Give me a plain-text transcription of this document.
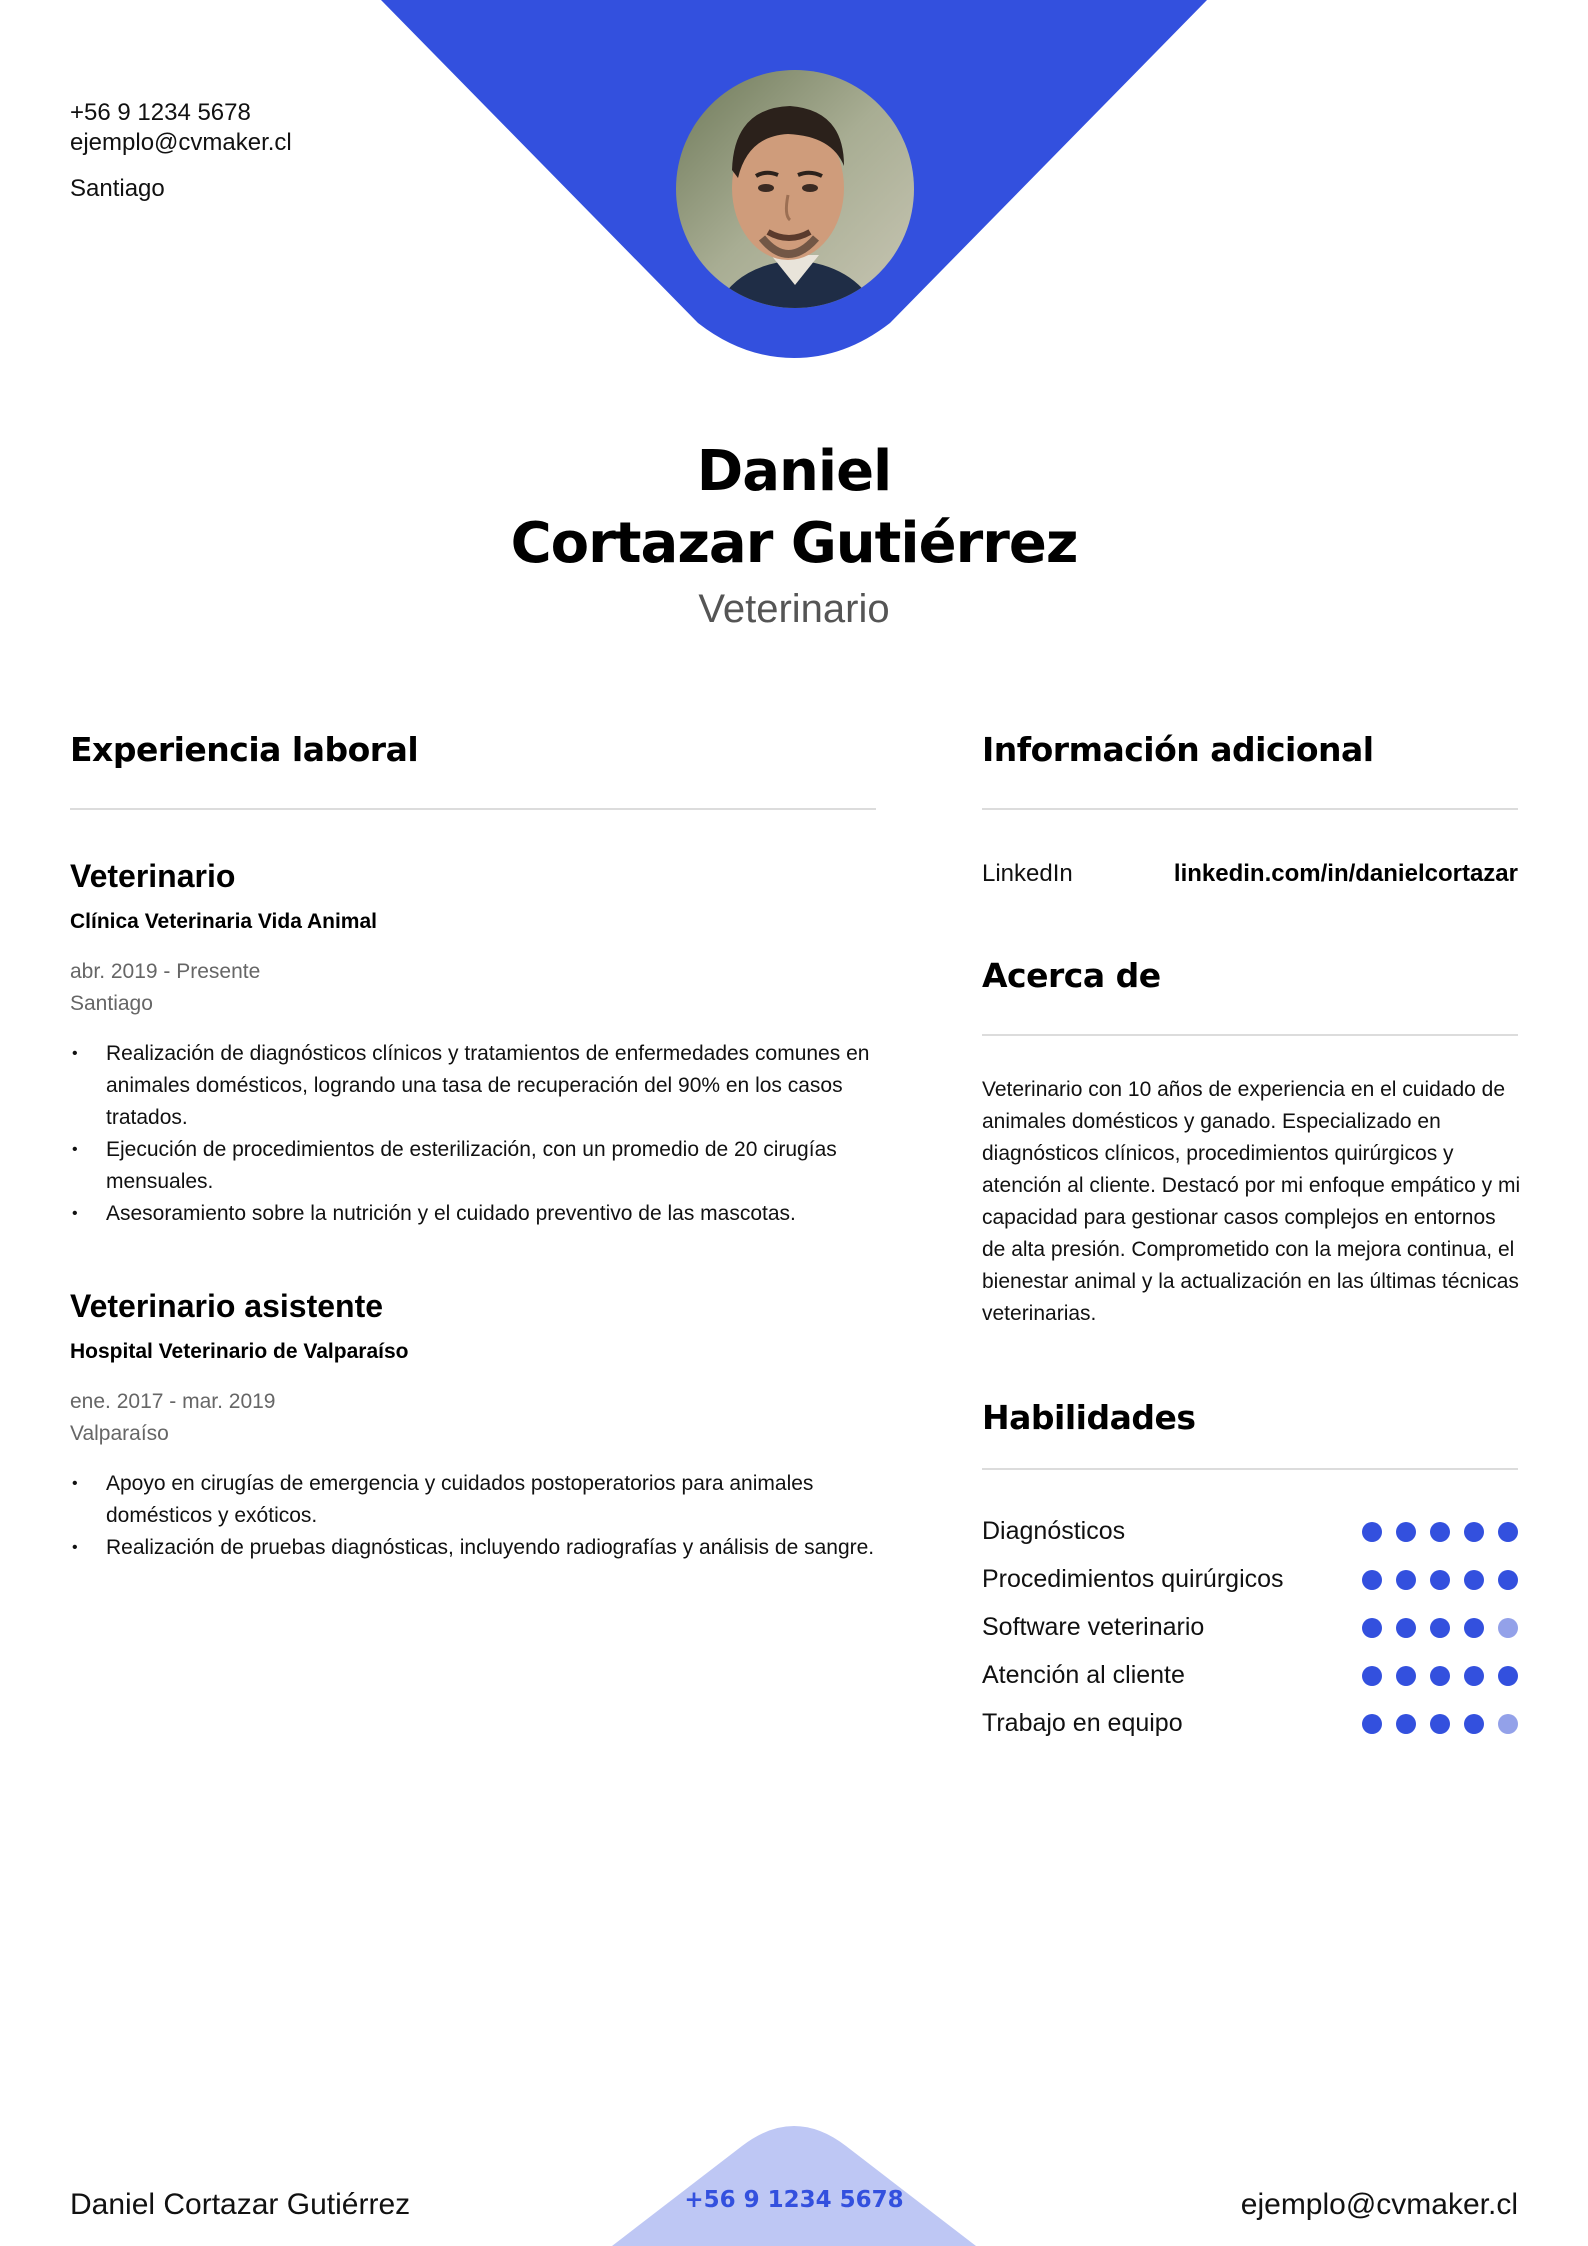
+56 9 1234 5678
ejemplo@cvmaker.cl
Santiago
Daniel
Cortazar Gutiérrez
Veterinario
Experiencia laboral
Veterinario
Clínica Veterinaria Vida Animal
abr. 2019 - Presente
Santiago
• Realización de diagnósticos clínicos y tratamientos de enfermedades comunes en animales domésticos, logrando una tasa de recuperación del 90% en los casos tratados.
• Ejecución de procedimientos de esterilización, con un promedio de 20 cirugías mensuales.
• Asesoramiento sobre la nutrición y el cuidado preventivo de las mascotas.
Veterinario asistente
Hospital Veterinario de Valparaíso
ene. 2017 - mar. 2019
Valparaíso
• Apoyo en cirugías de emergencia y cuidados postoperatorios para animales domésticos y exóticos.
• Realización de pruebas diagnósticas, incluyendo radiografías y análisis de sangre.
Información adicional
LinkedIn	linkedin.com/in/danielcortazar
Acerca de
Veterinario con 10 años de experiencia en el cuidado de animales domésticos y ganado. Especializado en diagnósticos clínicos, procedimientos quirúrgicos y atención al cliente. Destacó por mi enfoque empático y mi capacidad para gestionar casos complejos en entornos de alta presión. Comprometido con la mejora continua, el bienestar animal y la actualización en las últimas técnicas veterinarias.
Habilidades
Diagnósticos
Procedimientos quirúrgicos
Software veterinario
Atención al cliente
Trabajo en equipo
Daniel Cortazar Gutiérrez	+56 9 1234 5678	ejemplo@cvmaker.cl
